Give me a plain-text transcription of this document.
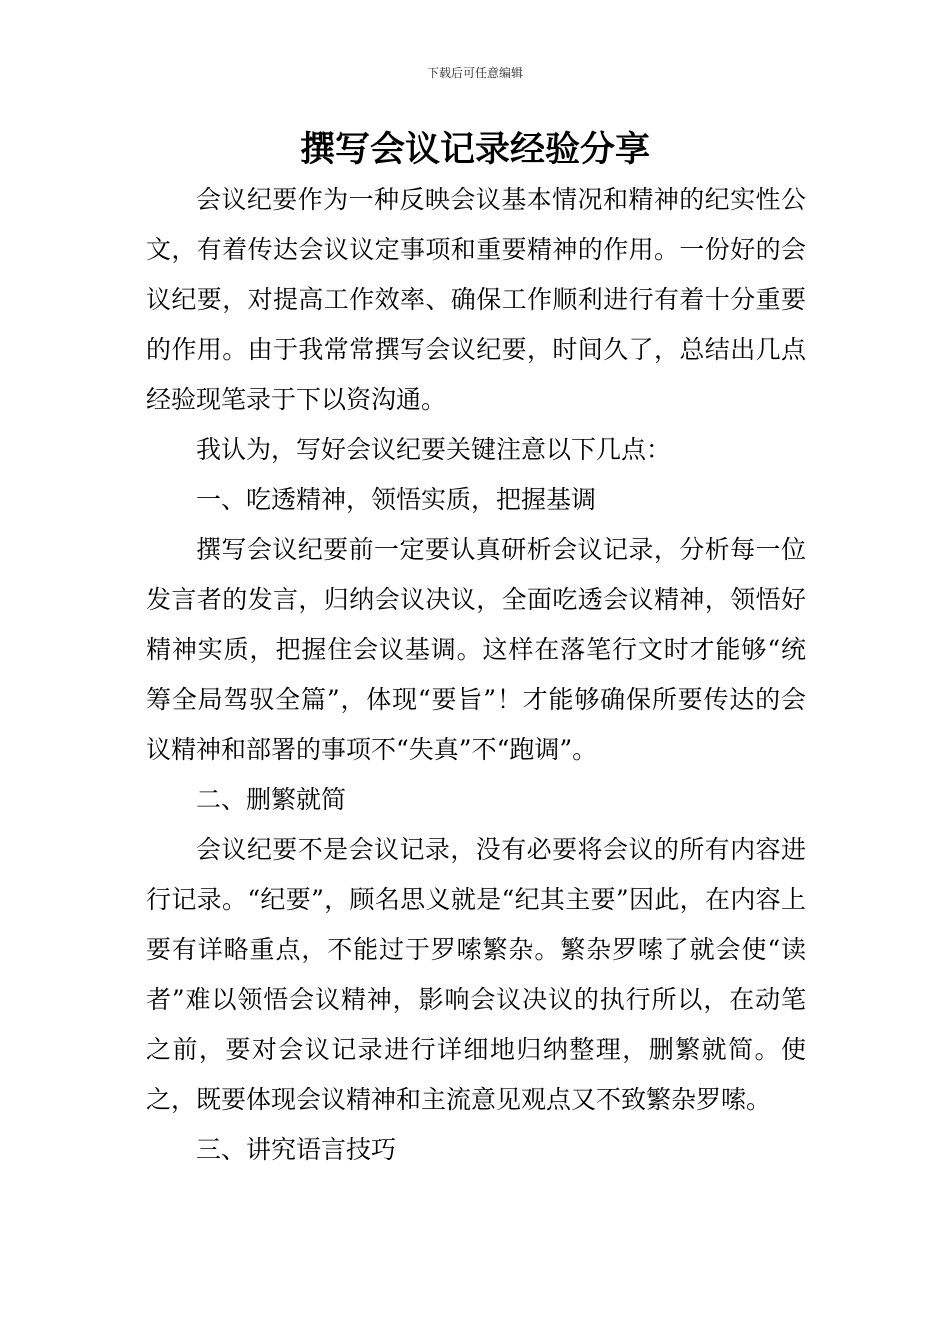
下载后可任意编辑
撰写会议记录经验分享

会议纪要作为一种反映会议基本情况和精神的纪实性公文，有着传达会议议定事项和重要精神的作用。一份好的会议纪要，对提高工作效率、确保工作顺利进行有着十分重要的作用。由于我常常撰写会议纪要，时间久了，总结出几点经验现笔录于下以资沟通。

我认为，写好会议纪要关键注意以下几点：

一、吃透精神，领悟实质，把握基调

撰写会议纪要前一定要认真研析会议记录，分析每一位发言者的发言，归纳会议决议，全面吃透会议精神，领悟好精神实质，把握住会议基调。这样在落笔行文时才能够“统筹全局驾驭全篇”，体现“要旨”！才能够确保所要传达的会议精神和部署的事项不“失真”不“跑调”。

二、删繁就简

会议纪要不是会议记录，没有必要将会议的所有内容进行记录。“纪要”，顾名思义就是“纪其主要”因此，在内容上要有详略重点，不能过于罗嗦繁杂。繁杂罗嗦了就会使“读者”难以领悟会议精神，影响会议决议的执行所以，在动笔之前，要对会议记录进行详细地归纳整理，删繁就简。使之，既要体现会议精神和主流意见观点又不致繁杂罗嗦。

三、讲究语言技巧
